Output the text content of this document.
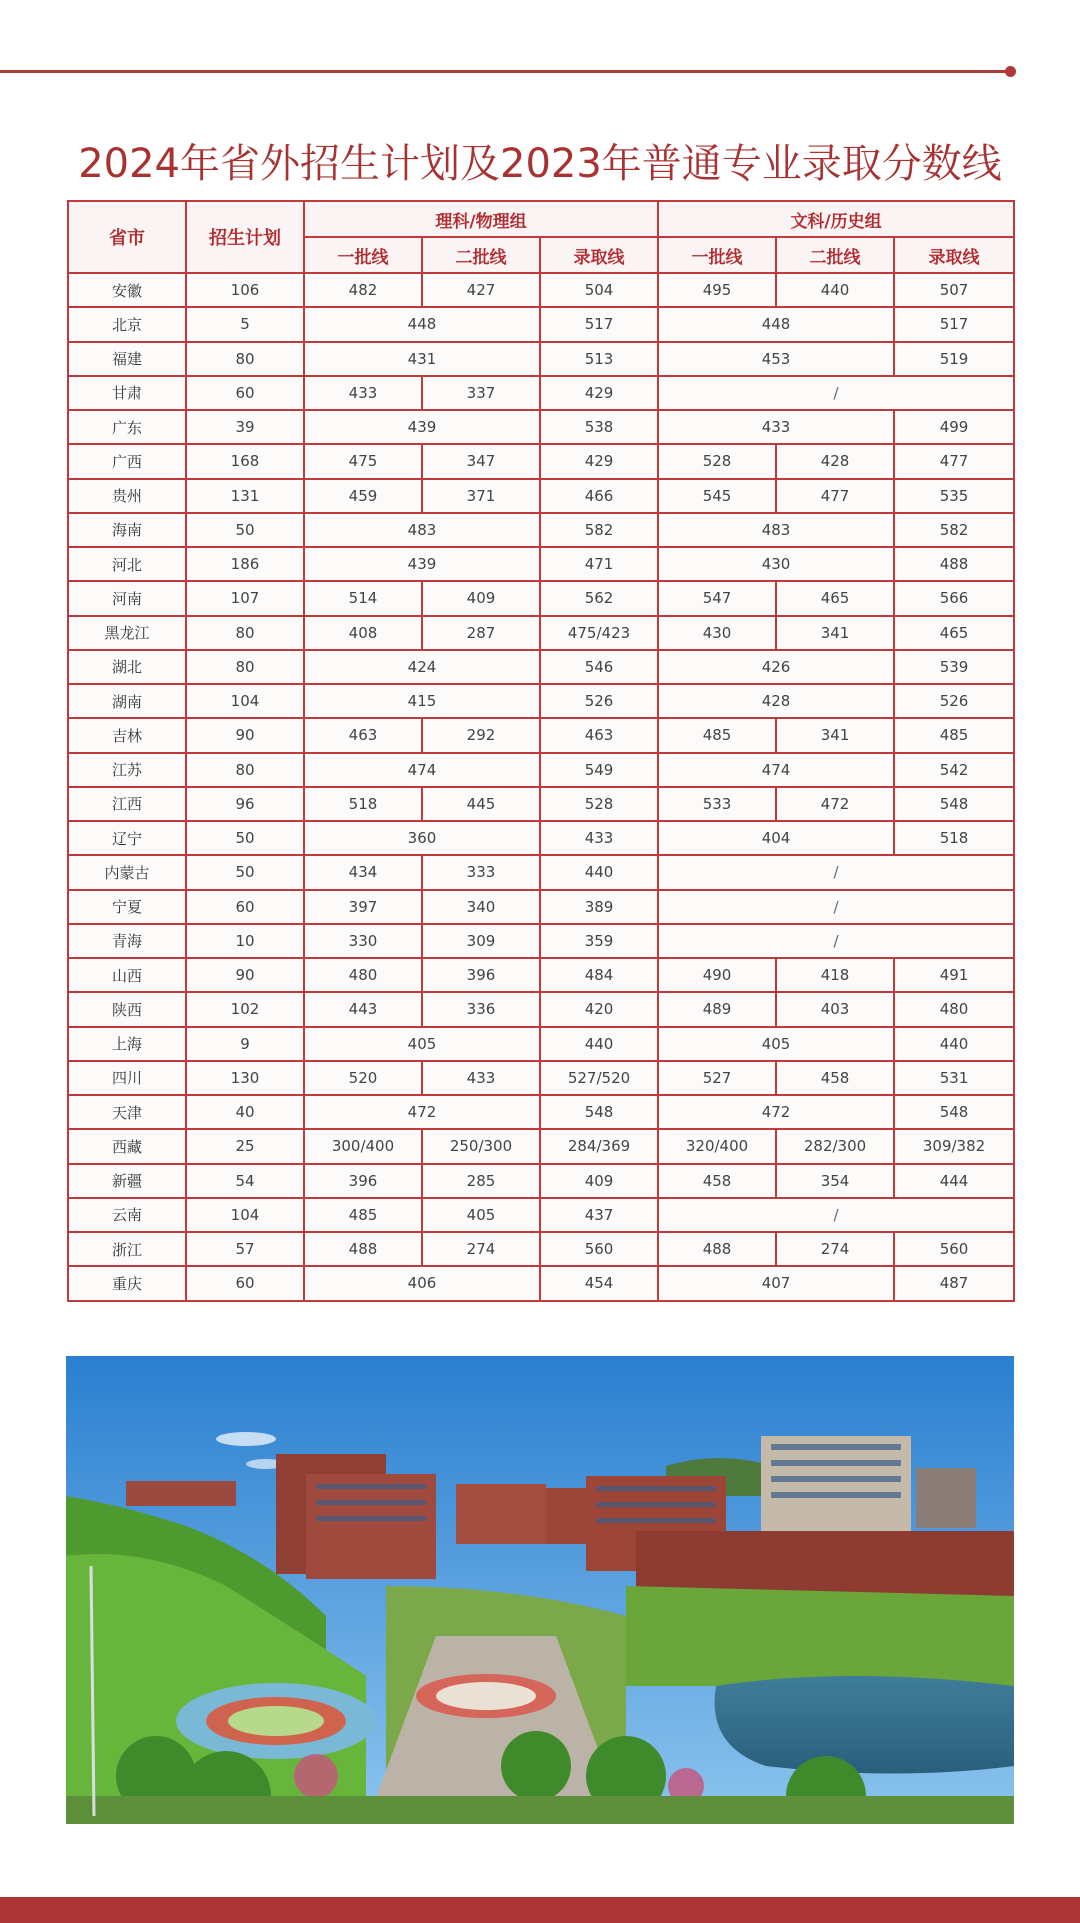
2024年省外招生计划及2023年普通专业录取分数线
省市	招生计划	理科/物理组			文科/历史组		
		一批线	二批线	录取线	一批线	二批线	录取线
安徽	106	482	427	504	495	440	507
北京	5	448		517	448		517
福建	80	431		513	453		519
甘肃	60	433	337	429	/		
广东	39	439		538	433		499
广西	168	475	347	429	528	428	477
贵州	131	459	371	466	545	477	535
海南	50	483		582	483		582
河北	186	439		471	430		488
河南	107	514	409	562	547	465	566
黑龙江	80	408	287	475/423	430	341	465
湖北	80	424		546	426		539
湖南	104	415		526	428		526
吉林	90	463	292	463	485	341	485
江苏	80	474		549	474		542
江西	96	518	445	528	533	472	548
辽宁	50	360		433	404		518
内蒙古	50	434	333	440	/		
宁夏	60	397	340	389	/		
青海	10	330	309	359	/		
山西	90	480	396	484	490	418	491
陕西	102	443	336	420	489	403	480
上海	9	405		440	405		440
四川	130	520	433	527/520	527	458	531
天津	40	472		548	472		548
西藏	25	300/400	250/300	284/369	320/400	282/300	309/382
新疆	54	396	285	409	458	354	444
云南	104	485	405	437	/		
浙江	57	488	274	560	488	274	560
重庆	60	406		454	407		487
